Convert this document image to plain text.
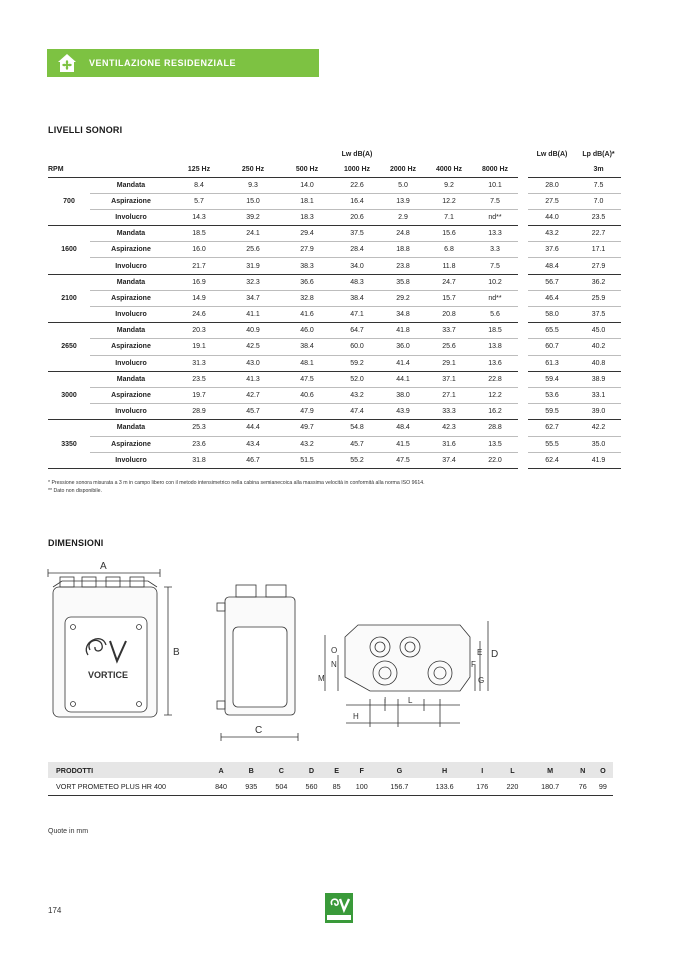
VENTILAZIONE RESIDENZIALE
LIVELLI SONORI
					Lw dB(A)					Lw dB(A)	Lp dB(A)*
RPM		125 Hz	250 Hz	500 Hz	1000 Hz	2000 Hz	4000 Hz	8000 Hz			3m
700	Mandata	8.4	9.3	14.0	22.6	5.0	9.2	10.1		28.0	7.5
	Aspirazione	5.7	15.0	18.1	16.4	13.9	12.2	7.5		27.5	7.0
	Involucro	14.3	39.2	18.3	20.6	2.9	7.1	nd**		44.0	23.5
1600	Mandata	18.5	24.1	29.4	37.5	24.8	15.6	13.3		43.2	22.7
	Aspirazione	16.0	25.6	27.9	28.4	18.8	6.8	3.3		37.6	17.1
	Involucro	21.7	31.9	38.3	34.0	23.8	11.8	7.5		48.4	27.9
2100	Mandata	16.9	32.3	36.6	48.3	35.8	24.7	10.2		56.7	36.2
	Aspirazione	14.9	34.7	32.8	38.4	29.2	15.7	nd**		46.4	25.9
	Involucro	24.6	41.1	41.6	47.1	34.8	20.8	5.6		58.0	37.5
2650	Mandata	20.3	40.9	46.0	64.7	41.8	33.7	18.5		65.5	45.0
	Aspirazione	19.1	42.5	38.4	60.0	36.0	25.6	13.8		60.7	40.2
	Involucro	31.3	43.0	48.1	59.2	41.4	29.1	13.6		61.3	40.8
3000	Mandata	23.5	41.3	47.5	52.0	44.1	37.1	22.8		59.4	38.9
	Aspirazione	19.7	42.7	40.6	43.2	38.0	27.1	12.2		53.6	33.1
	Involucro	28.9	45.7	47.9	47.4	43.9	33.3	16.2		59.5	39.0
3350	Mandata	25.3	44.4	49.7	54.8	48.4	42.3	28.8		62.7	42.2
	Aspirazione	23.6	43.4	43.2	45.7	41.5	31.6	13.5		55.5	35.0
	Involucro	31.8	46.7	51.5	55.2	47.5	37.4	22.0		62.4	41.9
* Pressione sonora misurata a 3 m in campo libero con il metodo intensimetrico nella cabina semianecoica alla massima velocità in conformità alla norma ISO 9614.
** Dato non disponibile.
DIMENSIONI
A
B
C
D
E
F
G
H
I	L
M
N
O
VORTICE
PRODOTTI	A	B	C	D	E	F	G	H	I	L	M	N	O
VORT PROMETEO PLUS HR 400	840	935	504	560	85	100	156.7	133.6	176	220	180.7	76	99
Quote in mm
174
